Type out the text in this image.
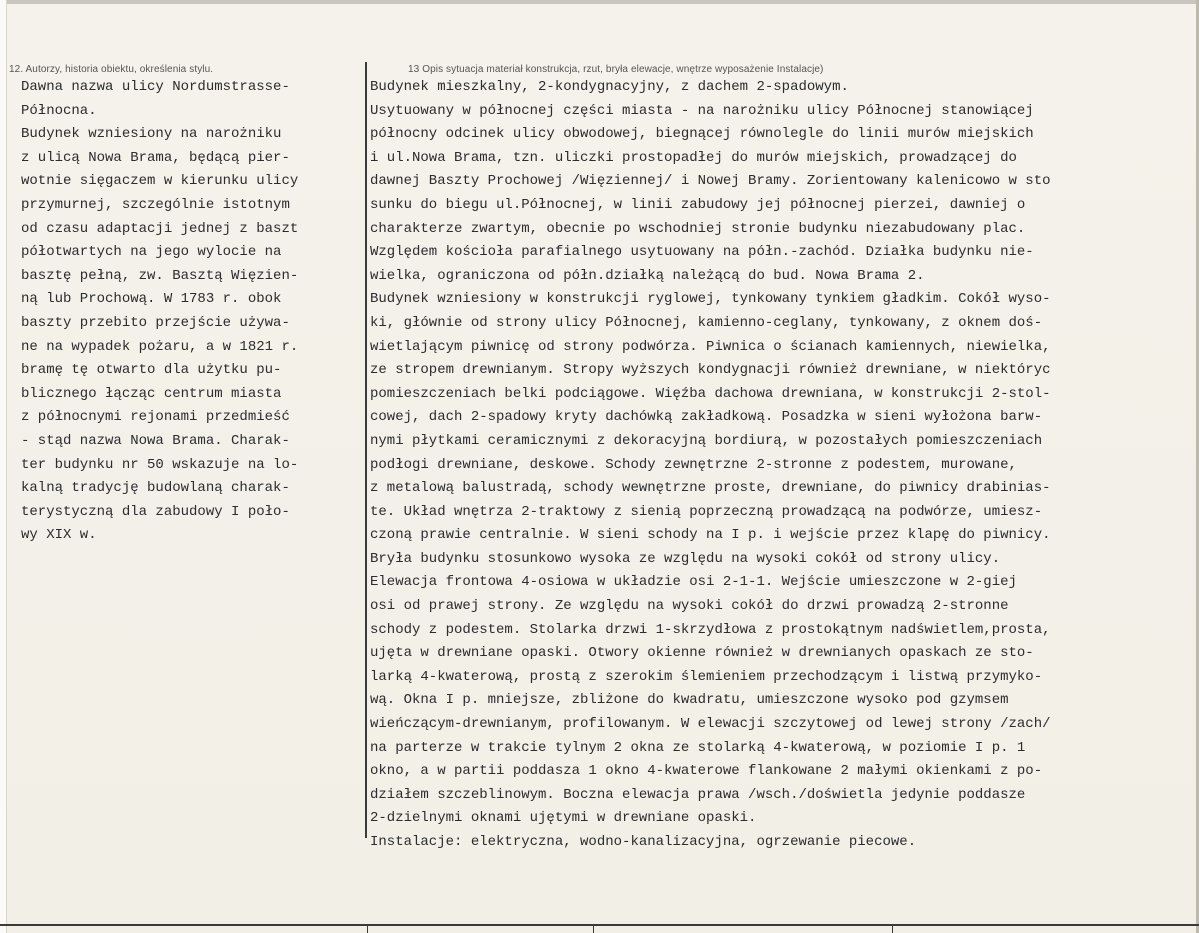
12. Autorzy, historia obiektu, określenia stylu.	13 Opis sytuacja materiał konstrukcja, rzut, bryła elewacje, wnętrze wyposażenie Instalacje)
Dawna nazwa ulicy Nordumstrasse-
Północna.
Budynek wzniesiony na narożniku
z ulicą Nowa Brama, będącą pier-
wotnie sięgaczem w kierunku ulicy
przymurnej, szczególnie istotnym
od czasu adaptacji jednej z baszt
półotwartych na jego wylocie na
basztę pełną, zw. Basztą Więzien-
ną lub Prochową. W 1783 r. obok
baszty przebito przejście używa-
ne na wypadek pożaru, a w 1821 r.
bramę tę otwarto dla użytku pu-
blicznego łącząc centrum miasta
z północnymi rejonami przedmieść
- stąd nazwa Nowa Brama. Charak-
ter budynku nr 50 wskazuje na lo-
kalną tradycję budowlaną charak-
terystyczną dla zabudowy I poło-
wy XIX w.
Budynek mieszkalny, 2-kondygnacyjny, z dachem 2-spadowym.
Usytuowany w północnej części miasta - na narożniku ulicy Północnej stanowiącej
północny odcinek ulicy obwodowej, biegnącej równolegle do linii murów miejskich
i ul.Nowa Brama, tzn. uliczki prostopadłej do murów miejskich, prowadzącej do
dawnej Baszty Prochowej /Więziennej/ i Nowej Bramy. Zorientowany kalenicowo w sto
sunku do biegu ul.Północnej, w linii zabudowy jej północnej pierzei, dawniej o
charakterze zwartym, obecnie po wschodniej stronie budynku niezabudowany plac.
Względem kościoła parafialnego usytuowany na półn.-zachód. Działka budynku nie-
wielka, ograniczona od półn.działką należącą do bud. Nowa Brama 2.
Budynek wzniesiony w konstrukcji ryglowej, tynkowany tynkiem gładkim. Cokół wyso-
ki, głównie od strony ulicy Północnej, kamienno-ceglany, tynkowany, z oknem doś-
wietlającym piwnicę od strony podwórza. Piwnica o ścianach kamiennych, niewielka,
ze stropem drewnianym. Stropy wyższych kondygnacji również drewniane, w niektóryc
pomieszczeniach belki podciągowe. Więźba dachowa drewniana, w konstrukcji 2-stol-
cowej, dach 2-spadowy kryty dachówką zakładkową. Posadzka w sieni wyłożona barw-
nymi płytkami ceramicznymi z dekoracyjną bordiurą, w pozostałych pomieszczeniach
podłogi drewniane, deskowe. Schody zewnętrzne 2-stronne z podestem, murowane,
z metalową balustradą, schody wewnętrzne proste, drewniane, do piwnicy drabinias-
te. Układ wnętrza 2-traktowy z sienią poprzeczną prowadzącą na podwórze, umiesz-
czoną prawie centralnie. W sieni schody na I p. i wejście przez klapę do piwnicy.
Bryła budynku stosunkowo wysoka ze względu na wysoki cokół od strony ulicy.
Elewacja frontowa 4-osiowa w układzie osi 2-1-1. Wejście umieszczone w 2-giej
osi od prawej strony. Ze względu na wysoki cokół do drzwi prowadzą 2-stronne
schody z podestem. Stolarka drzwi 1-skrzydłowa z prostokątnym nadświetlem,prosta,
ujęta w drewniane opaski. Otwory okienne również w drewnianych opaskach ze sto-
larką 4-kwaterową, prostą z szerokim ślemieniem przechodzącym i listwą przymyko-
wą. Okna I p. mniejsze, zbliżone do kwadratu, umieszczone wysoko pod gzymsem
wieńczącym-drewnianym, profilowanym. W elewacji szczytowej od lewej strony /zach/
na parterze w trakcie tylnym 2 okna ze stolarką 4-kwaterową, w poziomie I p. 1
okno, a w partii poddasza 1 okno 4-kwaterowe flankowane 2 małymi okienkami z po-
działem szczeblinowym. Boczna elewacja prawa /wsch./doświetla jedynie poddasze
2-dzielnymi oknami ujętymi w drewniane opaski.
Instalacje: elektryczna, wodno-kanalizacyjna, ogrzewanie piecowe.
